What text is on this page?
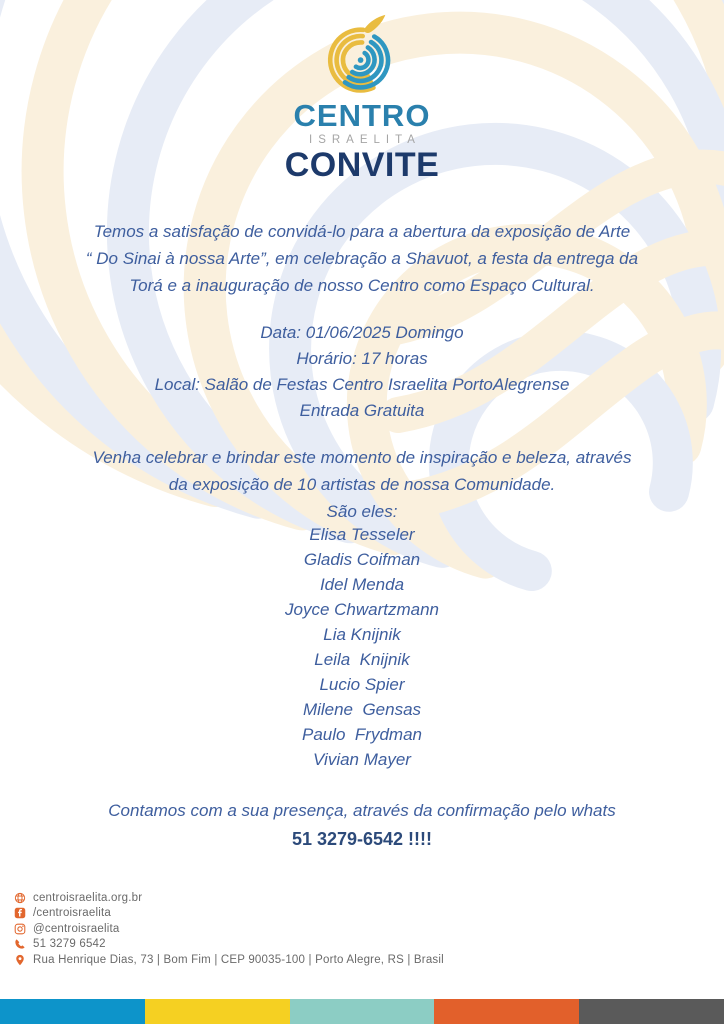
CENTRO
ISRAELITA
CONVITE
Temos a satisfação de convidá-lo para a abertura da exposição de Arte
“ Do Sinai à nossa Arte”, em celebração a Shavuot, a festa da entrega da
Torá e a inauguração de nosso Centro como Espaço Cultural.
Data: 01/06/2025 Domingo
Horário: 17 horas
Local: Salão de Festas Centro Israelita PortoAlegrense
Entrada Gratuita
Venha celebrar e brindar este momento de inspiração e beleza, através
da exposição de 10 artistas de nossa Comunidade.
São eles:
Elisa Tesseler
Gladis Coifman
Idel Menda
Joyce Chwartzmann
Lia Knijnik
Leila  Knijnik
Lucio Spier
Milene  Gensas
Paulo  Frydman
Vivian Mayer
Contamos com a sua presença, através da confirmação pelo whats
51 3279-6542 !!!!
centroisraelita.org.br
/centroisraelita
@centroisraelita
51 3279 6542
Rua Henrique Dias, 73 | Bom Fim | CEP 90035-100 | Porto Alegre, RS | Brasil
